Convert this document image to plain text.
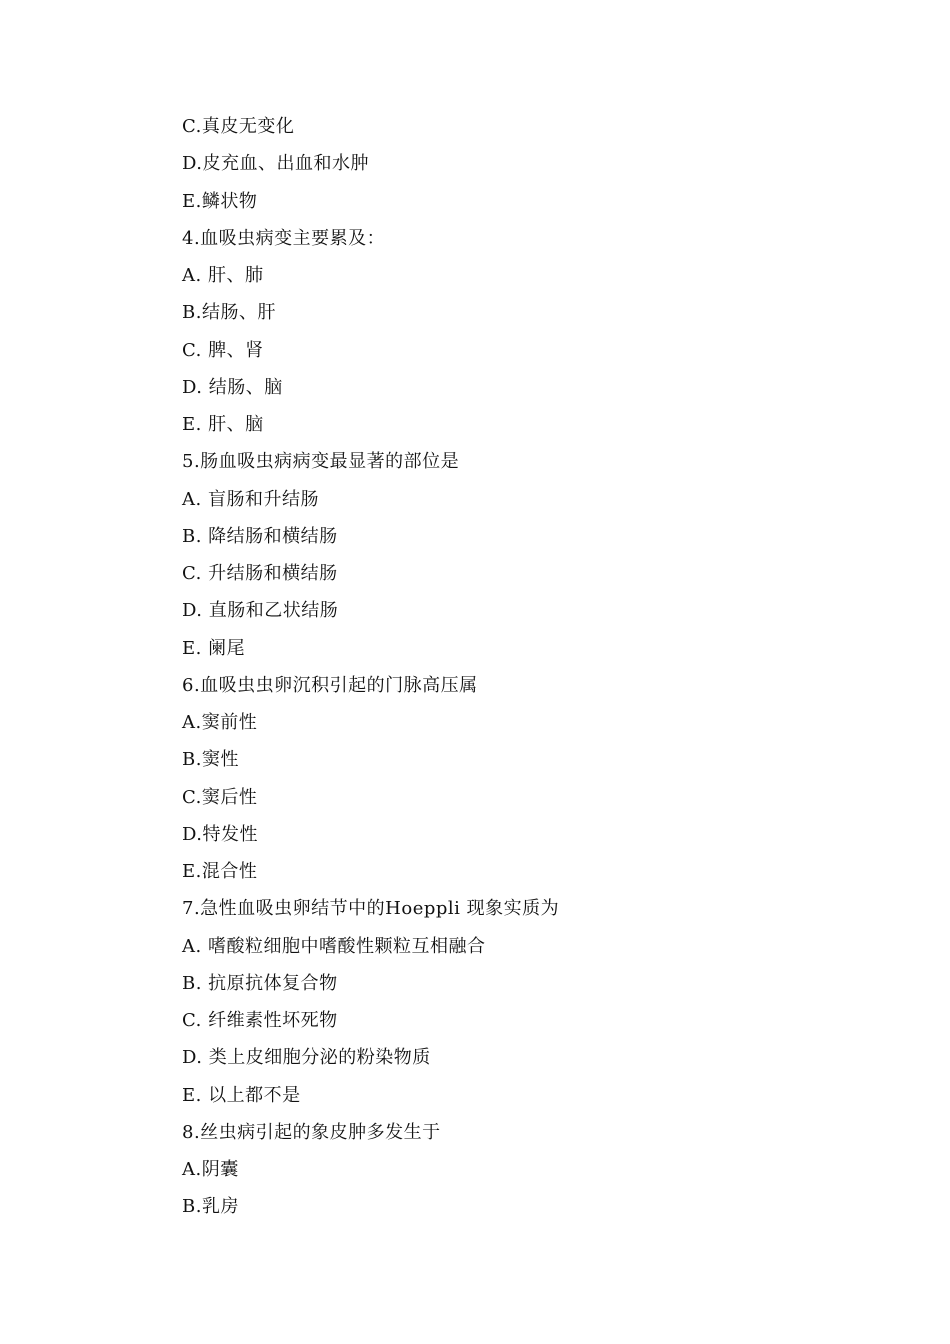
C.真皮无变化
D.皮充血、出血和水肿
E.鳞状物
4.血吸虫病变主要累及：
A. 肝、肺
B.结肠、肝
C. 脾、肾
D. 结肠、脑
E. 肝、脑
5.肠血吸虫病病变最显著的部位是
A. 盲肠和升结肠
B. 降结肠和横结肠
C. 升结肠和横结肠
D. 直肠和乙状结肠
E. 阑尾
6.血吸虫虫卵沉积引起的门脉高压属
A.窦前性
B.窦性
C.窦后性
D.特发性
E.混合性
7.急性血吸虫卵结节中的Hoeppli 现象实质为
A. 嗜酸粒细胞中嗜酸性颗粒互相融合
B. 抗原抗体复合物
C. 纤维素性坏死物
D. 类上皮细胞分泌的粉染物质
E. 以上都不是
8.丝虫病引起的象皮肿多发生于
A.阴囊
B.乳房
